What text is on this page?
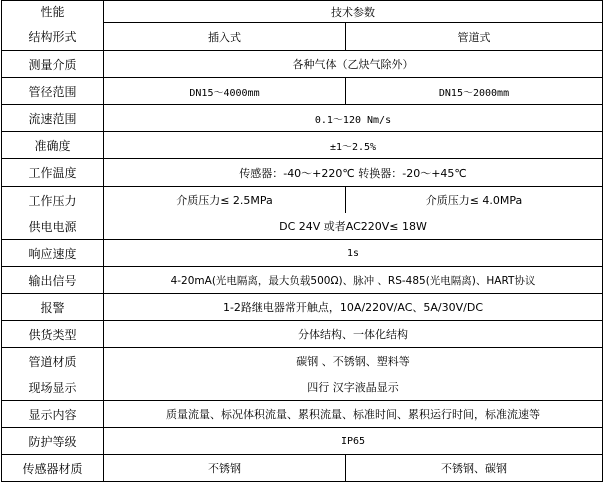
性能	技术参数	
结构形式	插入式	管道式
测量介质	各种气体（乙炔气除外）	
管径范围	DN15～4000mm	DN15～2000mm
流速范围	0.1～120 Nm/s	
准确度	±1～2.5%	
工作温度	传感器：-40～+220℃ 转换器：-20～+45℃	
工作压力	介质压力≤ 2.5MPa	介质压力≤ 4.0MPa
供电电源	DC 24V 或者AC220V≤ 18W	
响应速度	1s	
输出信号	4-20mA(光电隔离，最大负载500Ω)、脉冲 、RS-485(光电隔离)、HART协议	
报警	1-2路继电器常开触点，10A/220V/AC、5A/30V/DC	
供货类型	分体结构、一体化结构	
管道材质	碳钢 、不锈钢、塑料等	
现场显示	四行 汉字液晶显示	
显示内容	质量流量、标况体积流量、累积流量、标准时间、累积运行时间，标准流速等	
防护等级	IP65	
传感器材质	不锈钢	不锈钢、碳钢
